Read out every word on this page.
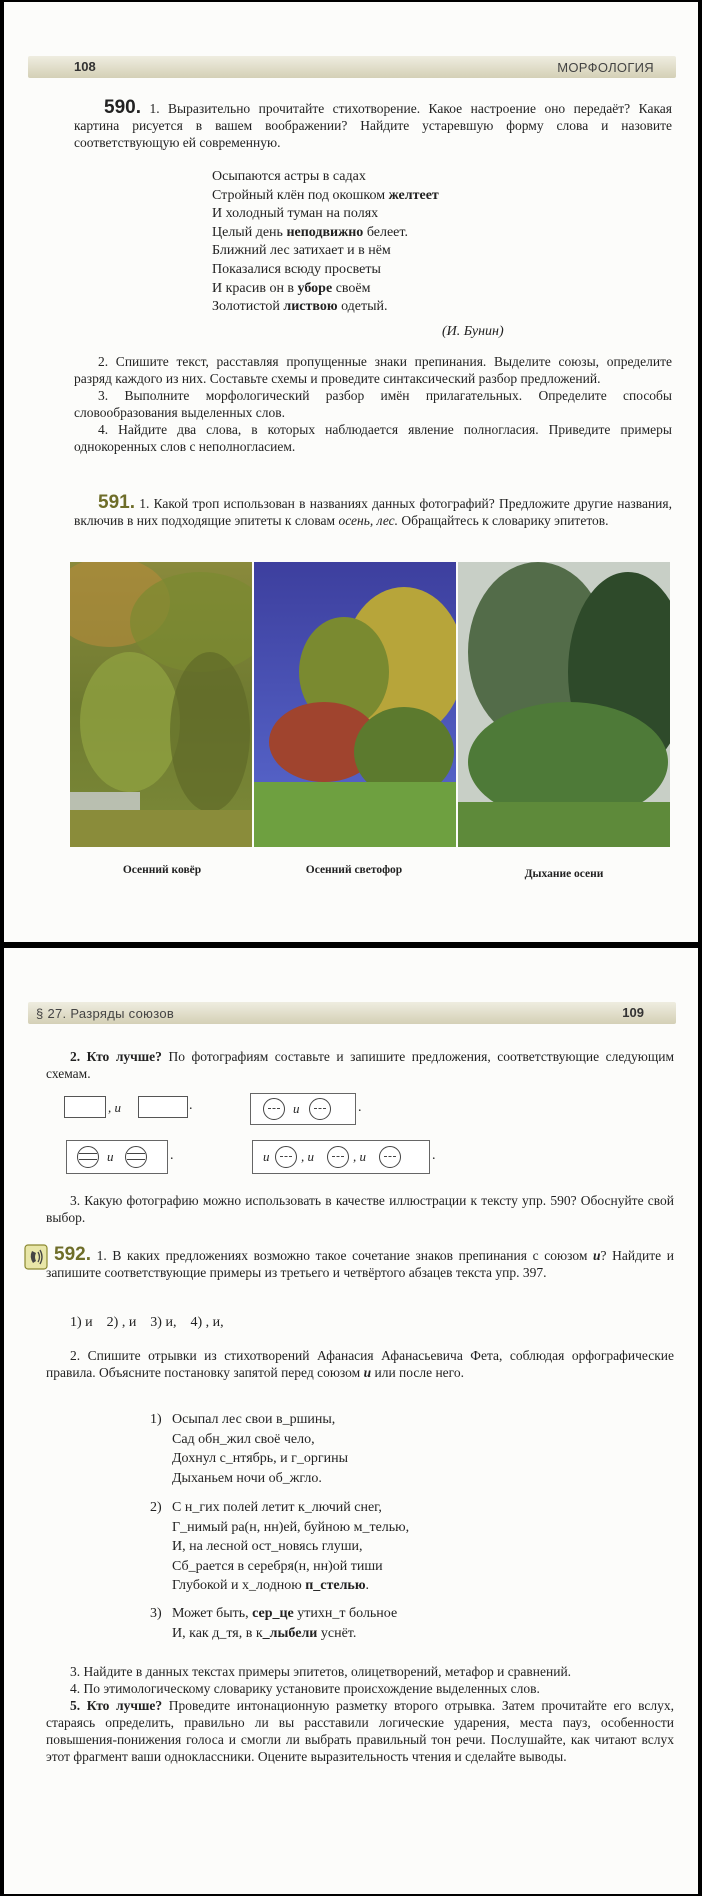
108	МОРФОЛОГИЯ

590. 1. Выразительно прочитайте стихотворение. Какое настроение оно передаёт? Какая картина рисуется в вашем воображении? Найдите устаревшую форму слова и назовите соответствующую ей современную.

Осыпаются астры в садах
Стройный клён под окошком желтеет
И холодный туман на полях
Целый день неподвижно белеет.
Ближний лес затихает и в нём
Показалися всюду просветы
И красив он в уборе своём
Золотистой листвою одетый.
(И. Бунин)

2. Спишите текст, расставляя пропущенные знаки препинания. Выделите союзы, определите разряд каждого из них. Составьте схемы и проведите синтаксический разбор предложений.

3. Выполните морфологический разбор имён прилагательных. Определите способы словообразования выделенных слов.

4. Найдите два слова, в которых наблюдается явление полногласия. Приведите примеры однокоренных слов с неполногласием.

591. 1. Какой троп использован в названиях данных фотографий? Предложите другие названия, включив в них подходящие эпитеты к словам осень, лес. Обращайтесь к словарику эпитетов.

Осенний ковёр	Осенний светофор	Дыхание осени
§ 27. Разряды союзов	109

2. Кто лучше? По фотографиям составьте и запишите предложения, соответствующие следующим схемам.

, и	.	и	.
и	.	и , и	, и	.

3. Какую фотографию можно использовать в качестве иллюстрации к тексту упр. 590? Обоснуйте свой выбор.

592. 1. В каких предложениях возможно такое сочетание знаков препинания с союзом и? Найдите и запишите соответствующие примеры из третьего и четвёртого абзацев текста упр. 397.

1) и    2) , и    3) и,    4) , и,

2. Спишите отрывки из стихотворений Афанасия Афанасьевича Фета, соблюдая орфографические правила. Объясните постановку запятой перед союзом и или после него.

1) Осыпал лес свои в_ршины,
Сад обн_жил своё чело,
Дохнул с_нтябрь, и г_оргины
Дыханьем ночи об_жгло.
2) С н_гих полей летит к_лючий снег,
Г_нимый ра(н, нн)ей, буйною м_телью,
И, на лесной ост_новясь глуши,
Сб_рается в серебря(н, нн)ой тиши
Глубокой и х_лодною п_стелью.
3) Может быть, сер_це утихн_т больное
И, как д_тя, в к_лыбели уснёт.

3. Найдите в данных текстах примеры эпитетов, олицетворений, метафор и сравнений.

4. По этимологическому словарику установите происхождение выделенных слов.

5. Кто лучше? Проведите интонационную разметку второго отрывка. Затем прочитайте его вслух, стараясь определить, правильно ли вы расставили логические ударения, места пауз, особенности повышения-понижения голоса и смогли ли выбрать правильный тон речи. Послушайте, как читают вслух этот фрагмент ваши одноклассники. Оцените выразительность чтения и сделайте выводы.
